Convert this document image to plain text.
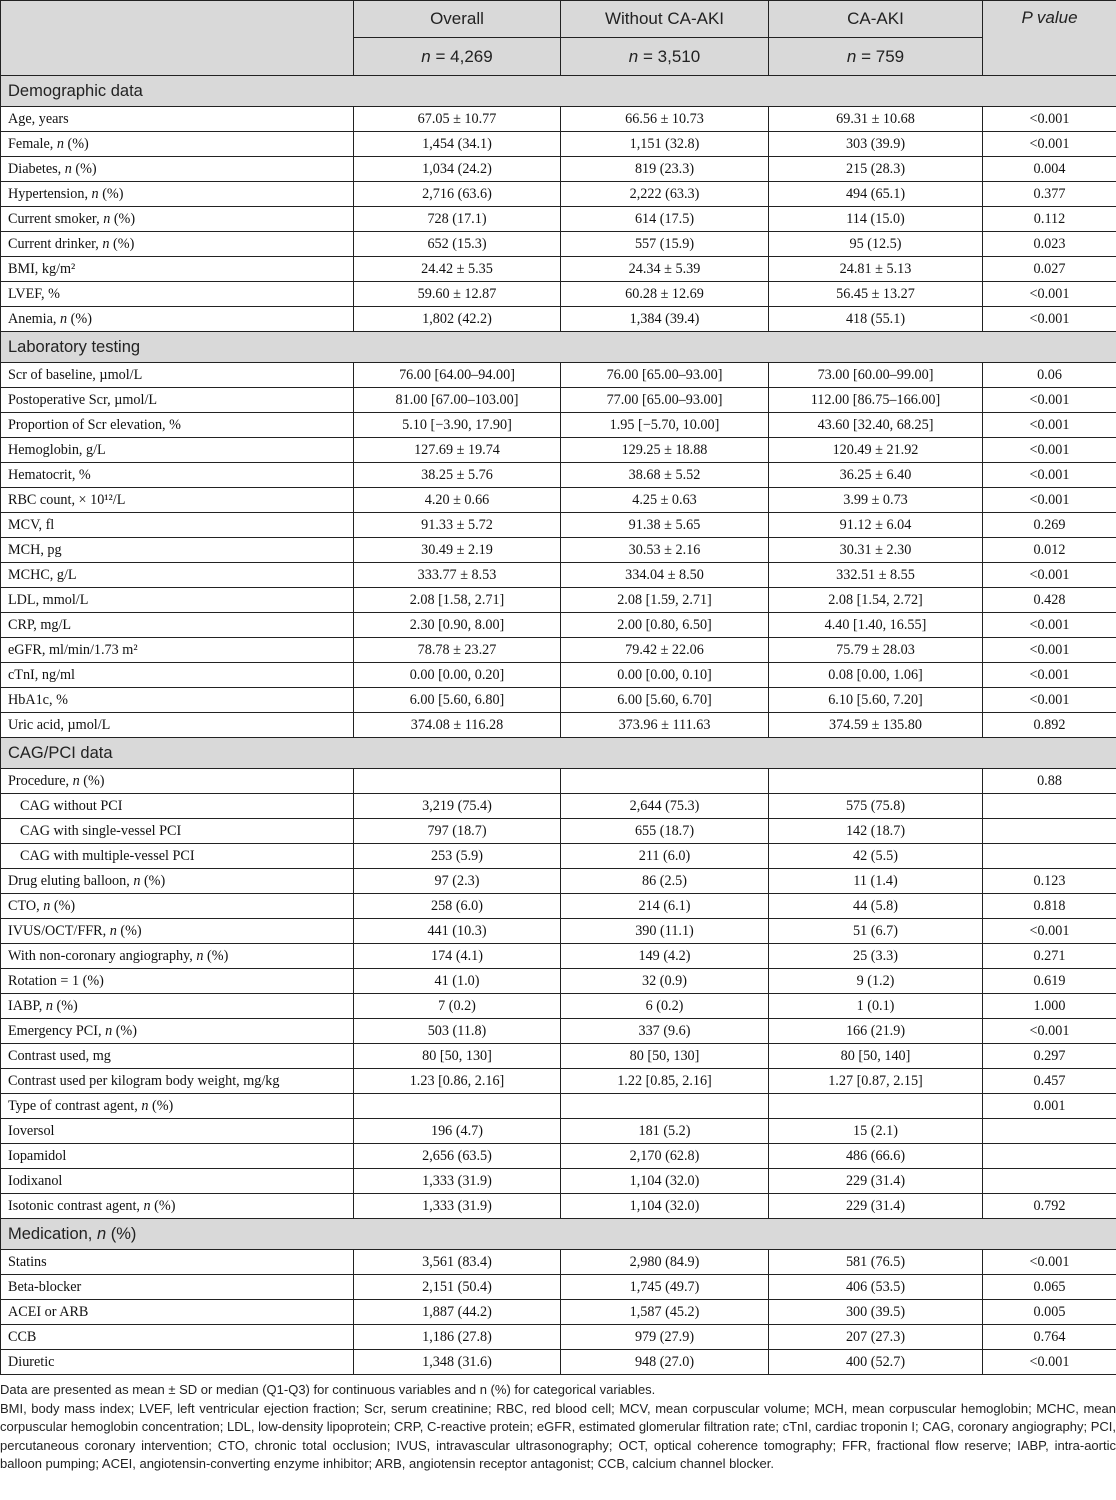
	Overall	Without CA-AKI	CA-AKI	P value
	n = 4,269	n = 3,510	n = 759	
Demographic data				
Age, years	67.05 ± 10.77	66.56 ± 10.73	69.31 ± 10.68	<0.001
Female, n (%)	1,454 (34.1)	1,151 (32.8)	303 (39.9)	<0.001
Diabetes, n (%)	1,034 (24.2)	819 (23.3)	215 (28.3)	0.004
Hypertension, n (%)	2,716 (63.6)	2,222 (63.3)	494 (65.1)	0.377
Current smoker, n (%)	728 (17.1)	614 (17.5)	114 (15.0)	0.112
Current drinker, n (%)	652 (15.3)	557 (15.9)	95 (12.5)	0.023
BMI, kg/m²	24.42 ± 5.35	24.34 ± 5.39	24.81 ± 5.13	0.027
LVEF, %	59.60 ± 12.87	60.28 ± 12.69	56.45 ± 13.27	<0.001
Anemia, n (%)	1,802 (42.2)	1,384 (39.4)	418 (55.1)	<0.001
Laboratory testing				
Scr of baseline, µmol/L	76.00 [64.00–94.00]	76.00 [65.00–93.00]	73.00 [60.00–99.00]	0.06
Postoperative Scr, µmol/L	81.00 [67.00–103.00]	77.00 [65.00–93.00]	112.00 [86.75–166.00]	<0.001
Proportion of Scr elevation, %	5.10 [−3.90, 17.90]	1.95 [−5.70, 10.00]	43.60 [32.40, 68.25]	<0.001
Hemoglobin, g/L	127.69 ± 19.74	129.25 ± 18.88	120.49 ± 21.92	<0.001
Hematocrit, %	38.25 ± 5.76	38.68 ± 5.52	36.25 ± 6.40	<0.001
RBC count, × 10¹²/L	4.20 ± 0.66	4.25 ± 0.63	3.99 ± 0.73	<0.001
MCV, fl	91.33 ± 5.72	91.38 ± 5.65	91.12 ± 6.04	0.269
MCH, pg	30.49 ± 2.19	30.53 ± 2.16	30.31 ± 2.30	0.012
MCHC, g/L	333.77 ± 8.53	334.04 ± 8.50	332.51 ± 8.55	<0.001
LDL, mmol/L	2.08 [1.58, 2.71]	2.08 [1.59, 2.71]	2.08 [1.54, 2.72]	0.428
CRP, mg/L	2.30 [0.90, 8.00]	2.00 [0.80, 6.50]	4.40 [1.40, 16.55]	<0.001
eGFR, ml/min/1.73 m²	78.78 ± 23.27	79.42 ± 22.06	75.79 ± 28.03	<0.001
cTnI, ng/ml	0.00 [0.00, 0.20]	0.00 [0.00, 0.10]	0.08 [0.00, 1.06]	<0.001
HbA1c, %	6.00 [5.60, 6.80]	6.00 [5.60, 6.70]	6.10 [5.60, 7.20]	<0.001
Uric acid, µmol/L	374.08 ± 116.28	373.96 ± 111.63	374.59 ± 135.80	0.892
CAG/PCI data				
Procedure, n (%)				0.88
CAG without PCI	3,219 (75.4)	2,644 (75.3)	575 (75.8)	
CAG with single-vessel PCI	797 (18.7)	655 (18.7)	142 (18.7)	
CAG with multiple-vessel PCI	253 (5.9)	211 (6.0)	42 (5.5)	
Drug eluting balloon, n (%)	97 (2.3)	86 (2.5)	11 (1.4)	0.123
CTO, n (%)	258 (6.0)	214 (6.1)	44 (5.8)	0.818
IVUS/OCT/FFR, n (%)	441 (10.3)	390 (11.1)	51 (6.7)	<0.001
With non-coronary angiography, n (%)	174 (4.1)	149 (4.2)	25 (3.3)	0.271
Rotation = 1 (%)	41 (1.0)	32 (0.9)	9 (1.2)	0.619
IABP, n (%)	7 (0.2)	6 (0.2)	1 (0.1)	1.000
Emergency PCI, n (%)	503 (11.8)	337 (9.6)	166 (21.9)	<0.001
Contrast used, mg	80 [50, 130]	80 [50, 130]	80 [50, 140]	0.297
Contrast used per kilogram body weight, mg/kg	1.23 [0.86, 2.16]	1.22 [0.85, 2.16]	1.27 [0.87, 2.15]	0.457
Type of contrast agent, n (%)				0.001
Ioversol	196 (4.7)	181 (5.2)	15 (2.1)	
Iopamidol	2,656 (63.5)	2,170 (62.8)	486 (66.6)	
Iodixanol	1,333 (31.9)	1,104 (32.0)	229 (31.4)	
Isotonic contrast agent, n (%)	1,333 (31.9)	1,104 (32.0)	229 (31.4)	0.792
Medication, n (%)				
Statins	3,561 (83.4)	2,980 (84.9)	581 (76.5)	<0.001
Beta-blocker	2,151 (50.4)	1,745 (49.7)	406 (53.5)	0.065
ACEI or ARB	1,887 (44.2)	1,587 (45.2)	300 (39.5)	0.005
CCB	1,186 (27.8)	979 (27.9)	207 (27.3)	0.764
Diuretic	1,348 (31.6)	948 (27.0)	400 (52.7)	<0.001

Data are presented as mean ± SD or median (Q1-Q3) for continuous variables and n (%) for categorical variables.

BMI, body mass index; LVEF, left ventricular ejection fraction; Scr, serum creatinine; RBC, red blood cell; MCV, mean corpuscular volume; MCH, mean corpuscular hemoglobin; MCHC, mean corpuscular hemoglobin concentration; LDL, low-density lipoprotein; CRP, C-reactive protein; eGFR, estimated glomerular filtration rate; cTnI, cardiac troponin I; CAG, coronary angiography; PCI, percutaneous coronary intervention; CTO, chronic total occlusion; IVUS, intravascular ultrasonography; OCT, optical coherence tomography; FFR, fractional flow reserve; IABP, intra-aortic balloon pumping; ACEI, angiotensin-converting enzyme inhibitor; ARB, angiotensin receptor antagonist; CCB, calcium channel blocker.
